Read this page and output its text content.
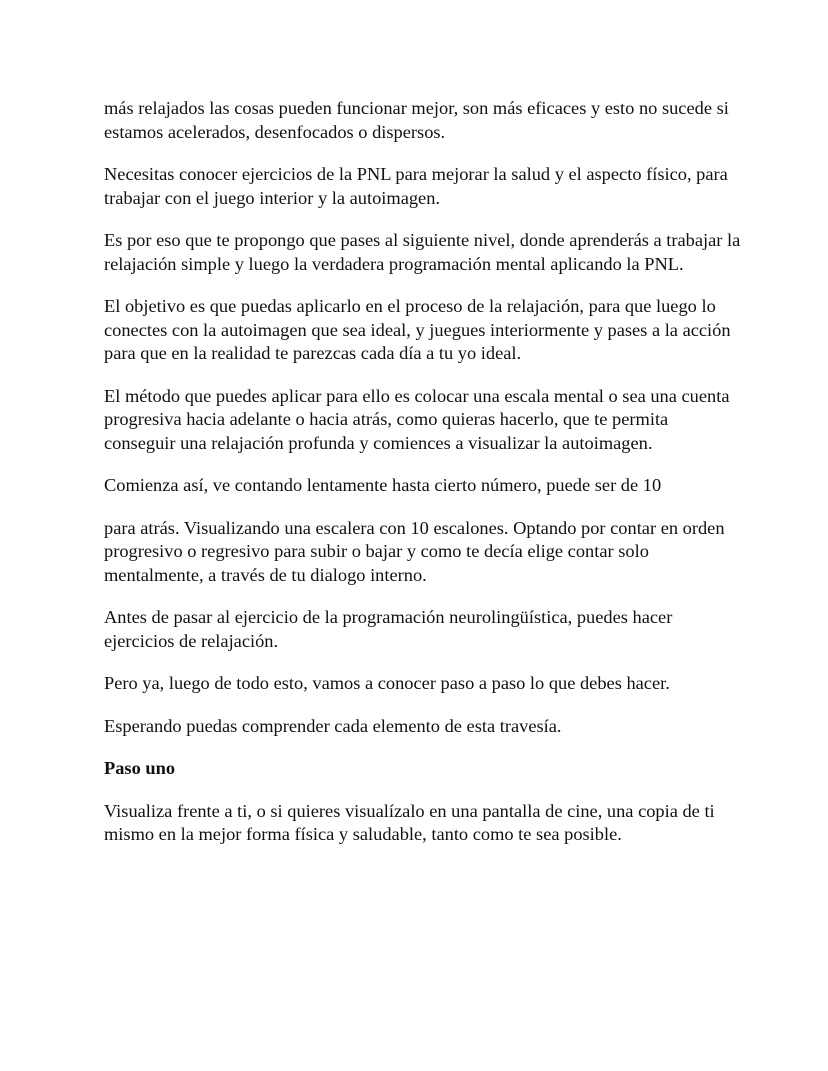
más relajados las cosas pueden funcionar mejor, son más eficaces y esto no sucede si estamos acelerados, desenfocados o dispersos.

Necesitas conocer ejercicios de la PNL para mejorar la salud y el aspecto físico, para trabajar con el juego interior y la autoimagen.

Es por eso que te propongo que pases al siguiente nivel, donde aprenderás a trabajar la relajación simple y luego la verdadera programación mental aplicando la PNL.

El objetivo es que puedas aplicarlo en el proceso de la relajación, para que luego lo conectes con la autoimagen que sea ideal, y juegues interiormente y pases a la acción para que en la realidad te parezcas cada día a tu yo ideal.

El método que puedes aplicar para ello es colocar una escala mental o sea una cuenta progresiva hacia adelante o hacia atrás, como quieras hacerlo, que te permita conseguir una relajación profunda y comiences a visualizar la autoimagen.

Comienza así, ve contando lentamente hasta cierto número, puede ser de 10

para atrás. Visualizando una escalera con 10 escalones. Optando por contar en orden progresivo o regresivo para subir o bajar y como te decía elige contar solo mentalmente, a través de tu dialogo interno.

Antes de pasar al ejercicio de la programación neurolingüística, puedes hacer ejercicios de relajación.

Pero ya, luego de todo esto, vamos a conocer paso a paso lo que debes hacer.

Esperando puedas comprender cada elemento de esta travesía.

Paso uno

Visualiza frente a ti, o si quieres visualízalo en una pantalla de cine, una copia de ti mismo en la mejor forma física y saludable, tanto como te sea posible.
